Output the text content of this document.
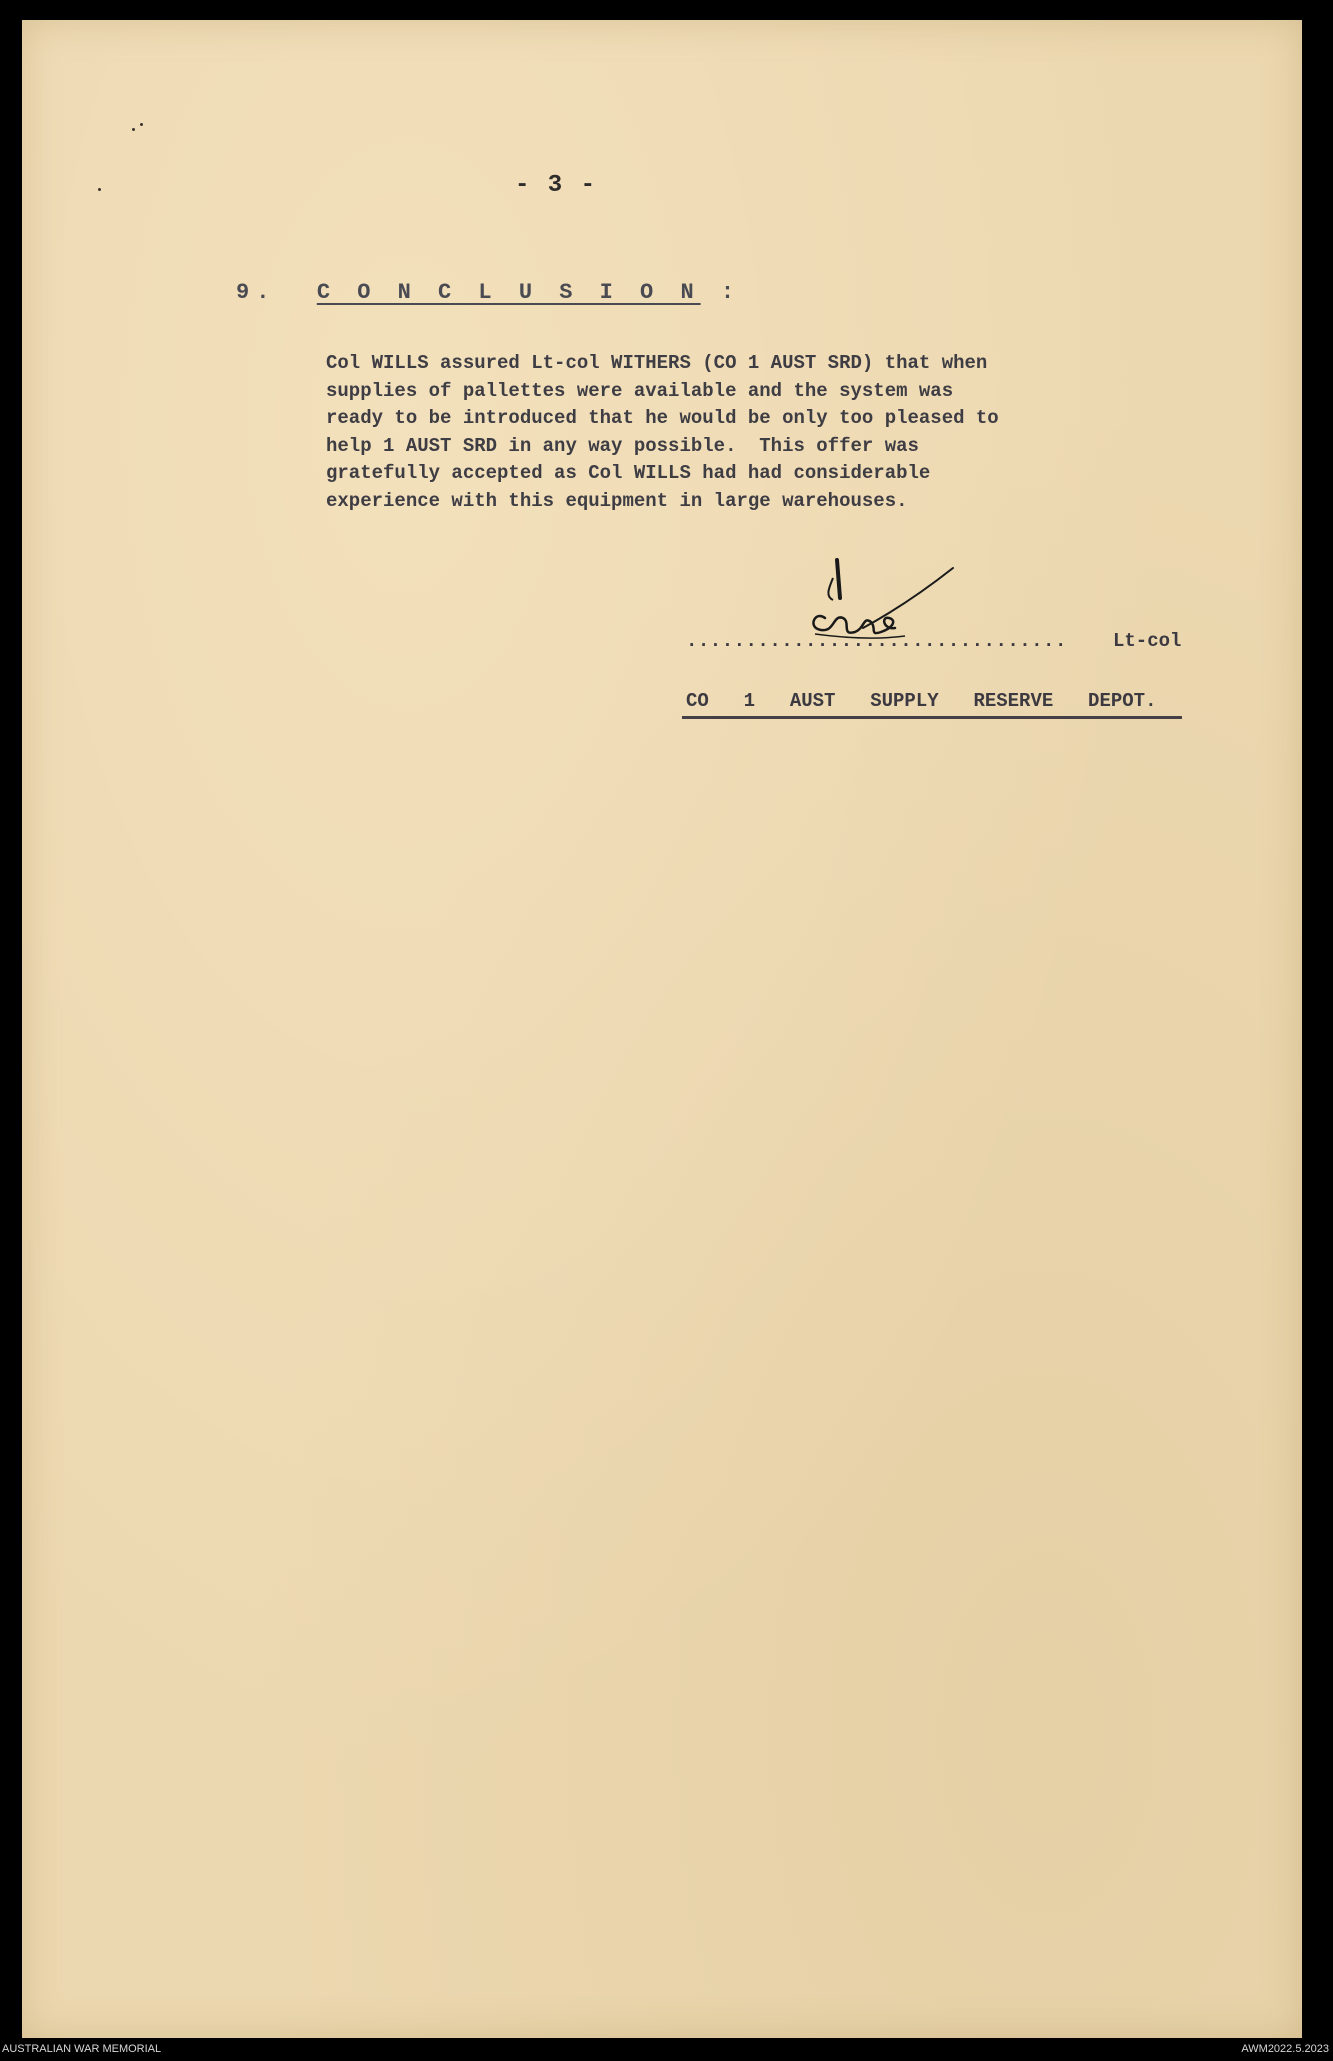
- 3 -
9. C O N C L U S I O N :
Col WILLS assured Lt-col WITHERS (CO 1 AUST SRD) that when
supplies of pallettes were available and the system was
ready to be introduced that he would be only too pleased to
help 1 AUST SRD in any way possible.  This offer was
gratefully accepted as Col WILLS had had considerable
experience with this equipment in large warehouses.
................................ Lt-col
CO  1  AUST  SUPPLY  RESERVE  DEPOT.
AUSTRALIAN WAR MEMORIAL	AWM2022.5.2023
